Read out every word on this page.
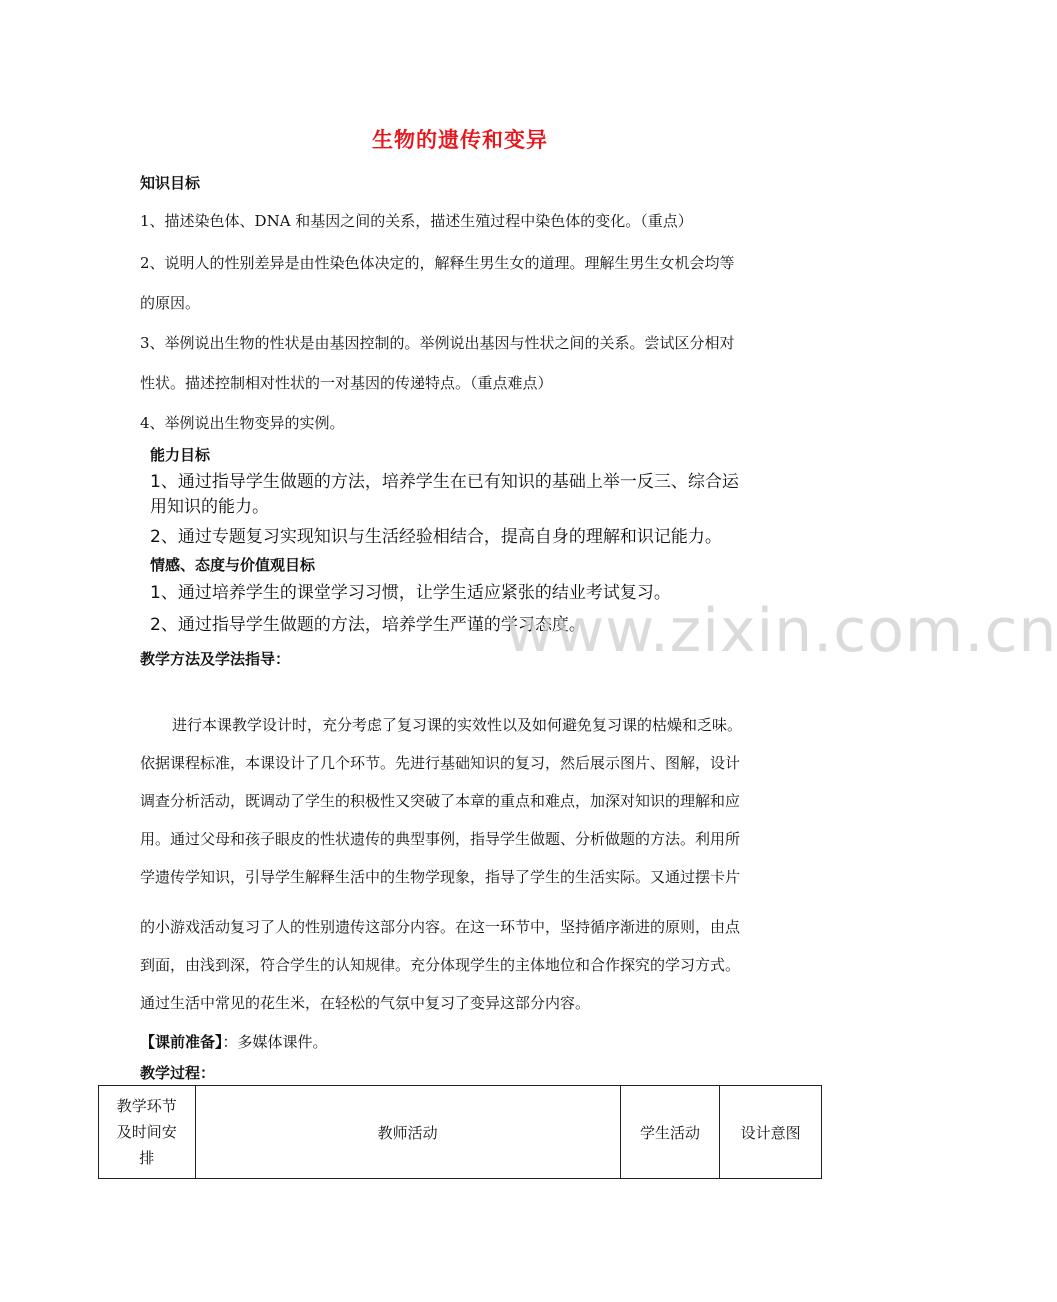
生物的遗传和变异
知识目标
1、描述染色体、DNA 和基因之间的关系，描述生殖过程中染色体的变化。（重点）
2、说明人的性别差异是由性染色体决定的，解释生男生女的道理。理解生男生女机会均等
的原因。
3、举例说出生物的性状是由基因控制的。举例说出基因与性状之间的关系。尝试区分相对
性状。描述控制相对性状的一对基因的传递特点。（重点难点）
4、举例说出生物变异的实例。
能力目标
1、通过指导学生做题的方法，培养学生在已有知识的基础上举一反三、综合运
用知识的能力。
2、通过专题复习实现知识与生活经验相结合，提高自身的理解和识记能力。
情感、态度与价值观目标
1、通过培养学生的课堂学习习惯，让学生适应紧张的结业考试复习。
2、通过指导学生做题的方法，培养学生严谨的学习态度。
www.zixin.com.cn
教学方法及学法指导：
进行本课教学设计时，充分考虑了复习课的实效性以及如何避免复习课的枯燥和乏味。
依据课程标准，本课设计了几个环节。先进行基础知识的复习，然后展示图片、图解，设计
调查分析活动，既调动了学生的积极性又突破了本章的重点和难点，加深对知识的理解和应
用。通过父母和孩子眼皮的性状遗传的典型事例，指导学生做题、分析做题的方法。利用所
学遗传学知识，引导学生解释生活中的生物学现象，指导了学生的生活实际。又通过摆卡片
的小游戏活动复习了人的性别遗传这部分内容。在这一环节中，坚持循序渐进的原则，由点
到面，由浅到深，符合学生的认知规律。充分体现学生的主体地位和合作探究的学习方式。
通过生活中常见的花生米，在轻松的气氛中复习了变异这部分内容。
【课前准备】：多媒体课件。
教学过程：
教学环节
及时间安
排
	教师活动	学生活动	设计意图
